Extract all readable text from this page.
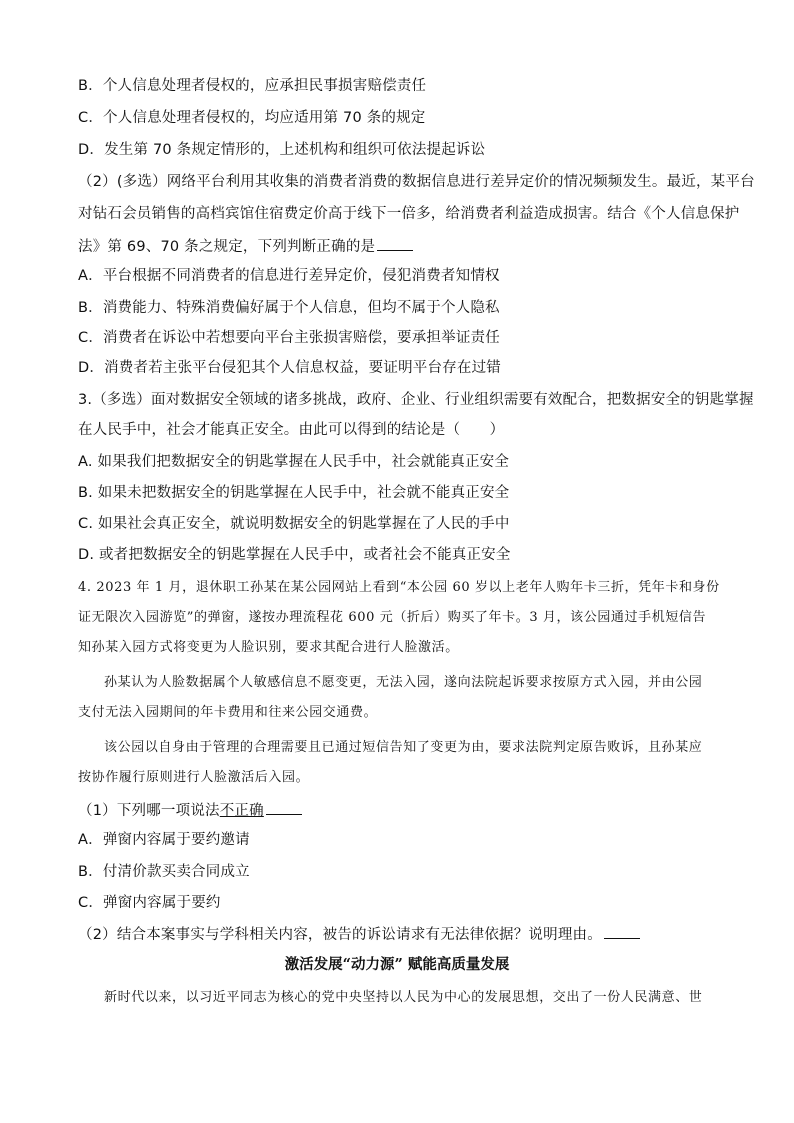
B．个人信息处理者侵权的，应承担民事损害赔偿责任
C．个人信息处理者侵权的，均应适用第 70 条的规定
D．发生第 70 条规定情形的，上述机构和组织可依法提起诉讼
（2）(多选）网络平台利用其收集的消费者消费的数据信息进行差异定价的情况频频发生。最近，某平台
对钻石会员销售的高档宾馆住宿费定价高于线下一倍多，给消费者利益造成损害。结合《个人信息保护
法》第 69、70 条之规定，下列判断正确的是
A．平台根据不同消费者的信息进行差异定价，侵犯消费者知情权
B．消费能力、特殊消费偏好属于个人信息，但均不属于个人隐私
C．消费者在诉讼中若想要向平台主张损害赔偿，要承担举证责任
D．消费者若主张平台侵犯其个人信息权益，要证明平台存在过错
3.（多选）面对数据安全领域的诸多挑战，政府、企业、行业组织需要有效配合，把数据安全的钥匙掌握
在人民手中，社会才能真正安全。由此可以得到的结论是（　　）
A. 如果我们把数据安全的钥匙掌握在人民手中，社会就能真正安全
B. 如果未把数据安全的钥匙掌握在人民手中，社会就不能真正安全
C. 如果社会真正安全，就说明数据安全的钥匙掌握在了人民的手中
D. 或者把数据安全的钥匙掌握在人民手中，或者社会不能真正安全
4. 2023 年 1 月，退休职工孙某在某公园网站上看到“本公园 60 岁以上老年人购年卡三折，凭年卡和身份
证无限次入园游览”的弹窗，遂按办理流程花 600 元（折后）购买了年卡。3 月，该公园通过手机短信告
知孙某入园方式将变更为人脸识别，要求其配合进行人脸激活。
孙某认为人脸数据属个人敏感信息不愿变更，无法入园，遂向法院起诉要求按原方式入园，并由公园
支付无法入园期间的年卡费用和往来公园交通费。
该公园以自身由于管理的合理需要且已通过短信告知了变更为由，要求法院判定原告败诉，且孙某应
按协作履行原则进行人脸激活后入园。
（1）下列哪一项说法不正确
A．弹窗内容属于要约邀请
B．付清价款买卖合同成立
C．弹窗内容属于要约
（2）结合本案事实与学科相关内容，被告的诉讼请求有无法律依据？说明理由。
激活发展“动力源” 赋能高质量发展
新时代以来，以习近平同志为核心的党中央坚持以人民为中心的发展思想，交出了一份人民满意、世
